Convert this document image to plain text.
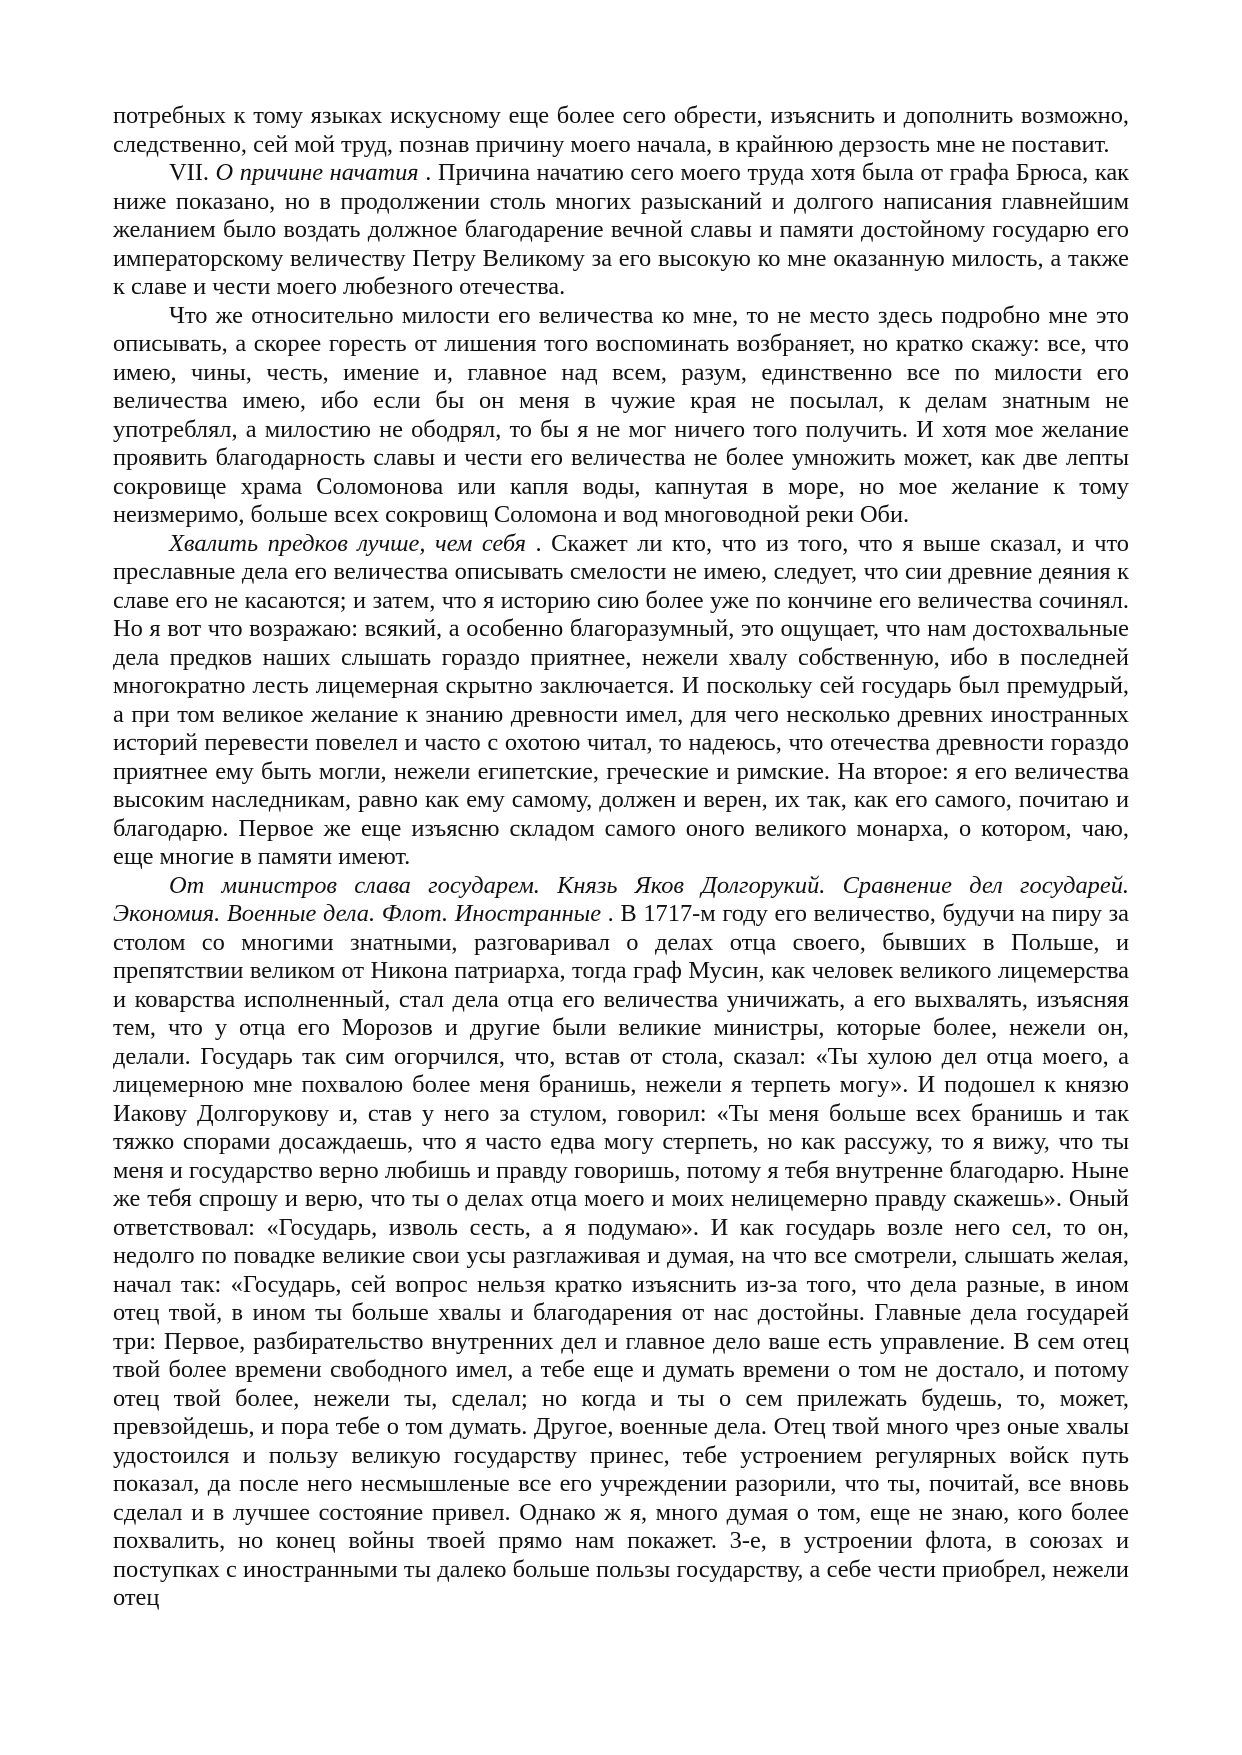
потребных к тому языках искусному еще более сего обрести, изъяснить и дополнить возможно, следственно, сей мой труд, познав причину моего начала, в крайнюю дерзость мне не поставит.

VII. О причине начатия . Причина начатию сего моего труда хотя была от графа Брюса, как ниже показано, но в продолжении столь многих разысканий и долгого написания главнейшим желанием было воздать должное благодарение вечной славы и памяти достойному государю его императорскому величеству Петру Великому за его высокую ко мне оказанную милость, а также к славе и чести моего любезного отечества.

Что же относительно милости его величества ко мне, то не место здесь подробно мне это описывать, а скорее горесть от лишения того воспоминать возбраняет, но кратко скажу: все, что имею, чины, честь, имение и, главное над всем, разум, единственно все по милости его величества имею, ибо если бы он меня в чужие края не посылал, к делам знатным не употреблял, а милостию не ободрял, то бы я не мог ничего того получить. И хотя мое желание проявить благодарность славы и чести его величества не более умножить может, как две лепты сокровище храма Соломонова или капля воды, капнутая в море, но мое желание к тому неизмеримо, больше всех сокровищ Соломона и вод многоводной реки Оби.

Хвалить предков лучше, чем себя . Скажет ли кто, что из того, что я выше сказал, и что преславные дела его величества описывать смелости не имею, следует, что сии древние деяния к славе его не касаются; и затем, что я историю сию более уже по кончине его величества сочинял. Но я вот что возражаю: всякий, а особенно благоразумный, это ощущает, что нам достохвальные дела предков наших слышать гораздо приятнее, нежели хвалу собственную, ибо в последней многократно лесть лицемерная скрытно заключается. И поскольку сей государь был премудрый, а при том великое желание к знанию древности имел, для чего несколько древних иностранных историй перевести повелел и часто с охотою читал, то надеюсь, что отечества древности гораздо приятнее ему быть могли, нежели египетские, греческие и римские. На второе: я его величества высоким наследникам, равно как ему самому, должен и верен, их так, как его самого, почитаю и благодарю. Первое же еще изъясню складом самого оного великого монарха, о котором, чаю, еще многие в памяти имеют.

От министров слава государем. Князь Яков Долгорукий. Сравнение дел государей. Экономия. Военные дела. Флот. Иностранные . В 1717-м году его величество, будучи на пиру за столом со многими знатными, разговаривал о делах отца своего, бывших в Польше, и препятствии великом от Никона патриарха, тогда граф Мусин, как человек великого лицемерства и коварства исполненный, стал дела отца его величества уничижать, а его выхвалять, изъясняя тем, что у отца его Морозов и другие были великие министры, которые более, нежели он, делали. Государь так сим огорчился, что, встав от стола, сказал: «Ты хулою дел отца моего, а лицемерною мне похвалою более меня бранишь, нежели я терпеть могу». И подошел к князю Иакову Долгорукову и, став у него за стулом, говорил: «Ты меня больше всех бранишь и так тяжко спорами досаждаешь, что я часто едва могу стерпеть, но как рассужу, то я вижу, что ты меня и государство верно любишь и правду говоришь, потому я тебя внутренне благодарю. Ныне же тебя спрошу и верю, что ты о делах отца моего и моих нелицемерно правду скажешь». Оный ответствовал: «Государь, изволь сесть, а я подумаю». И как государь возле него сел, то он, недолго по повадке великие свои усы разглаживая и думая, на что все смотрели, слышать желая, начал так: «Государь, сей вопрос нельзя кратко изъяснить из-за того, что дела разные, в ином отец твой, в ином ты больше хвалы и благодарения от нас достойны. Главные дела государей три: Первое, разбирательство внутренних дел и главное дело ваше есть управление. В сем отец твой более времени свободного имел, а тебе еще и думать времени о том не достало, и потому отец твой более, нежели ты, сделал; но когда и ты о сем прилежать будешь, то, может, превзойдешь, и пора тебе о том думать. Другое, военные дела. Отец твой много чрез оные хвалы удостоился и пользу великую государству принес, тебе устроением регулярных войск путь показал, да после него несмышленые все его учреждении разорили, что ты, почитай, все вновь сделал и в лучшее состояние привел. Однако ж я, много думая о том, еще не знаю, кого более похвалить, но конец войны твоей прямо нам покажет. 3-е, в устроении флота, в союзах и поступках с иностранными ты далеко больше пользы государству, а себе чести приобрел, нежели отец
